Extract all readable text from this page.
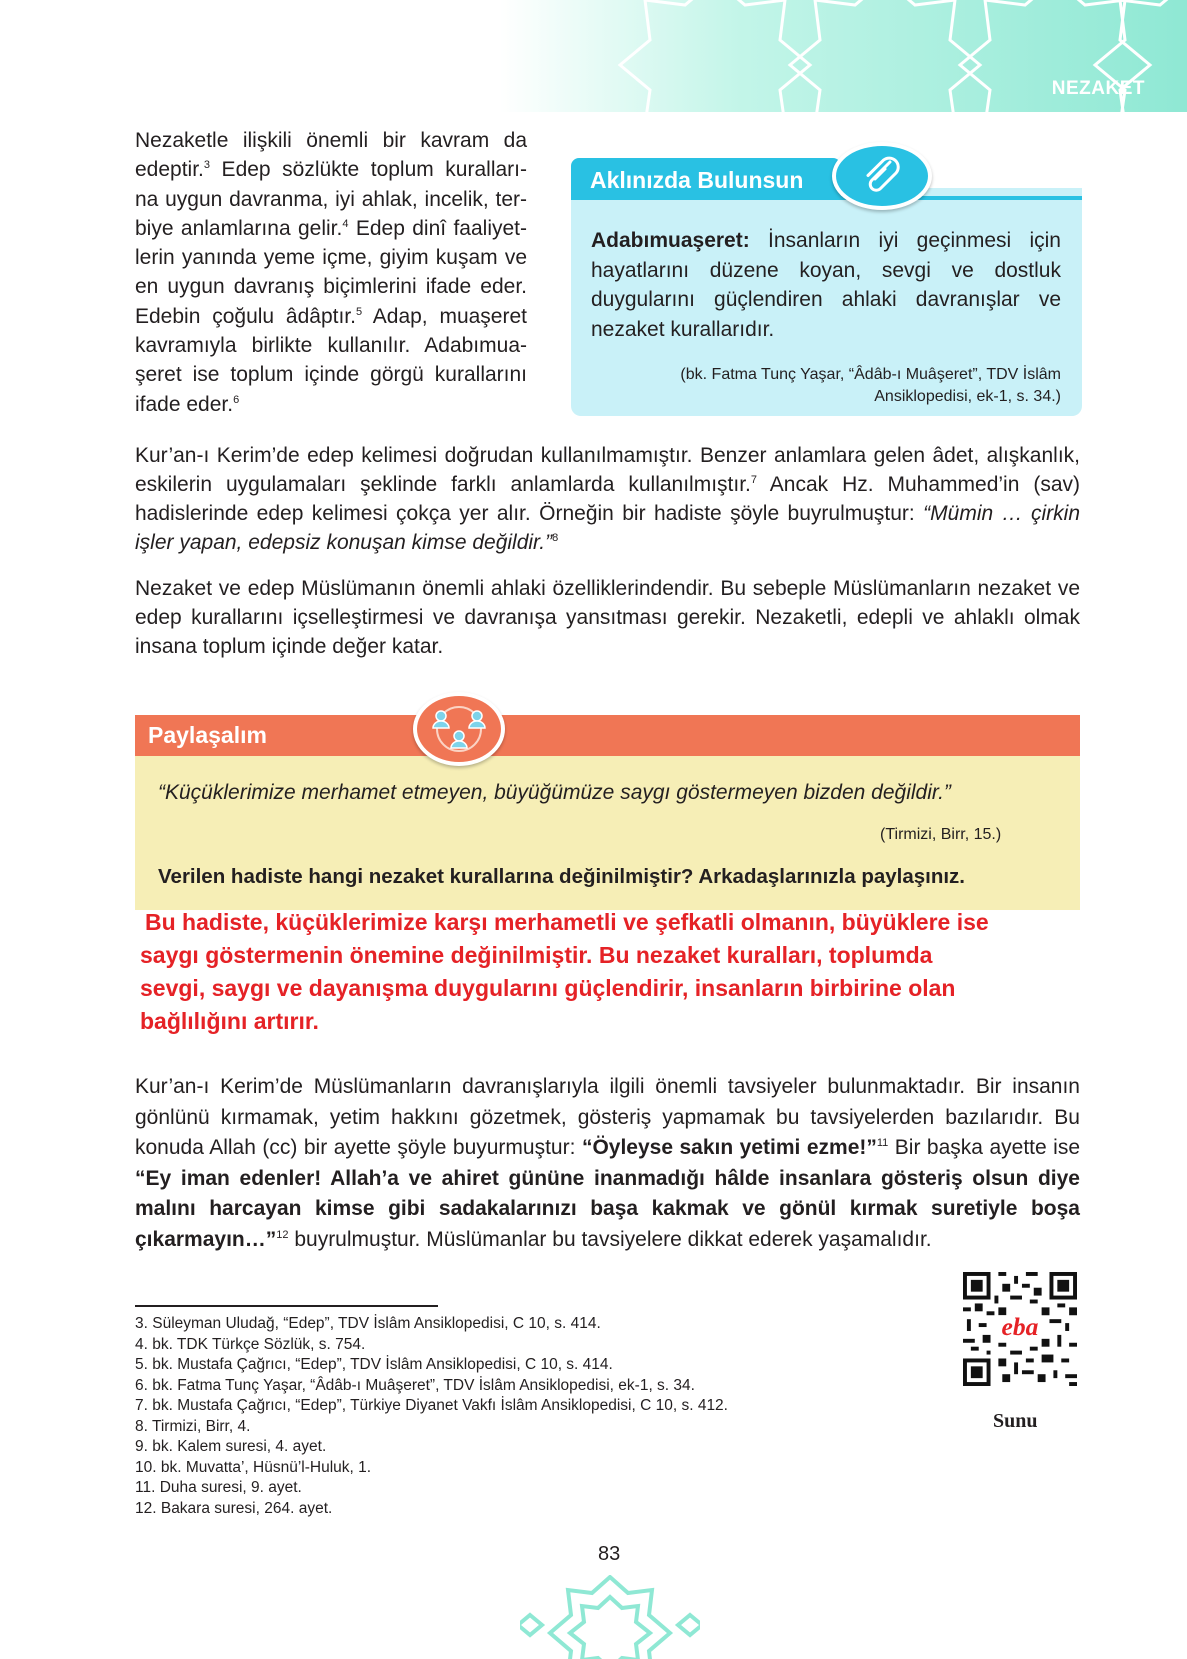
NEZAKET
Nezaketle ilişkili önemli bir kavram da
edeptir.$^3$ Edep sözlükte toplum kuralları-
na uygun davranma, iyi ahlak, incelik, ter-
biye anlamlarına gelir.$^4$ Edep dinî faaliyet-
lerin yanında yeme içme, giyim kuşam ve
en uygun davranış biçimlerini ifade eder.
Edebin çoğulu âdâptır.$^5$ Adap, muaşeret
kavramıyla birlikte kullanılır. Adabımua-
şeret ise toplum içinde görgü kurallarını
ifade eder.$^6$
Aklınızda Bulunsun
Adabımuaşeret: İnsanların iyi geçinmesi için hayatlarını düzene koyan, sevgi ve dostluk duygularını güçlendiren ahlaki davranışlar ve nezaket kurallarıdır.
(bk. Fatma Tunç Yaşar, “Âdâb-ı Muâşeret”, TDV İslâm
Ansiklopedisi, ek-1, s. 34.)
Kur’an-ı Kerim’de edep kelimesi doğrudan kullanılmamıştır. Benzer anlamlara gelen âdet, alışkanlık, eskilerin uygulamaları şeklinde farklı anlamlarda kullanılmıştır.$^7$ Ancak Hz. Muhammed’in (sav) hadislerinde edep kelimesi çokça yer alır. Örneğin bir hadiste şöyle buyrulmuştur: “Mümin … çirkin işler yapan, edepsiz konuşan kimse değildir.”$^8$
Nezaket ve edep Müslümanın önemli ahlaki özelliklerindendir. Bu sebeple Müslümanların nezaket ve edep kurallarını içselleştirmesi ve davranışa yansıtması gerekir. Nezaketli, edepli ve ahlaklı olmak insana toplum içinde değer katar.
Paylaşalım
“Küçüklerimize merhamet etmeyen, büyüğümüze saygı göstermeyen bizden değildir.”
(Tirmizi, Birr, 15.)
Verilen hadiste hangi nezaket kurallarına değinilmiştir? Arkadaşlarınızla paylaşınız.
Bu hadiste, küçüklerimize karşı merhametli ve şefkatli olmanın, büyüklere ise
saygı göstermenin önemine değinilmiştir. Bu nezaket kuralları, toplumda
sevgi, saygı ve dayanışma duygularını güçlendirir, insanların birbirine olan
bağlılığını artırır.
Kur’an-ı Kerim’de Müslümanların davranışlarıyla ilgili önemli tavsiyeler bulunmaktadır. Bir insanın gönlünü kırmamak, yetim hakkını gözetmek, gösteriş yapmamak bu tavsiyelerden bazılarıdır. Bu konuda Allah (cc) bir ayette şöyle buyurmuştur: “Öyleyse sakın yetimi ezme!”$^{11}$ Bir başka ayette ise “Ey iman edenler! Allah’a ve ahiret gününe inanmadığı hâlde insanlara gösteriş olsun diye malını harcayan kimse gibi sadakalarınızı başa kakmak ve gönül kırmak suretiyle boşa çıkarmayın…”$^{12}$ buyrulmuştur. Müslümanlar bu tavsiyelere dikkat ederek yaşamalıdır.
3. Süleyman Uludağ, “Edep”, TDV İslâm Ansiklopedisi, C 10, s. 414.
4. bk. TDK Türkçe Sözlük, s. 754.
5. bk. Mustafa Çağrıcı, “Edep”, TDV İslâm Ansiklopedisi, C 10, s. 414.
6. bk. Fatma Tunç Yaşar, “Âdâb-ı Muâşeret”, TDV İslâm Ansiklopedisi, ek-1, s. 34.
7. bk. Mustafa Çağrıcı, “Edep”, Türkiye Diyanet Vakfı İslâm Ansiklopedisi, C 10, s. 412.
8. Tirmizi, Birr, 4.
9. bk. Kalem suresi, 4. ayet.
10. bk. Muvatta’, Hüsnü’l-Huluk, 1.
11. Duha suresi, 9. ayet.
12. Bakara suresi, 264. ayet.
eba
Sunu
83
